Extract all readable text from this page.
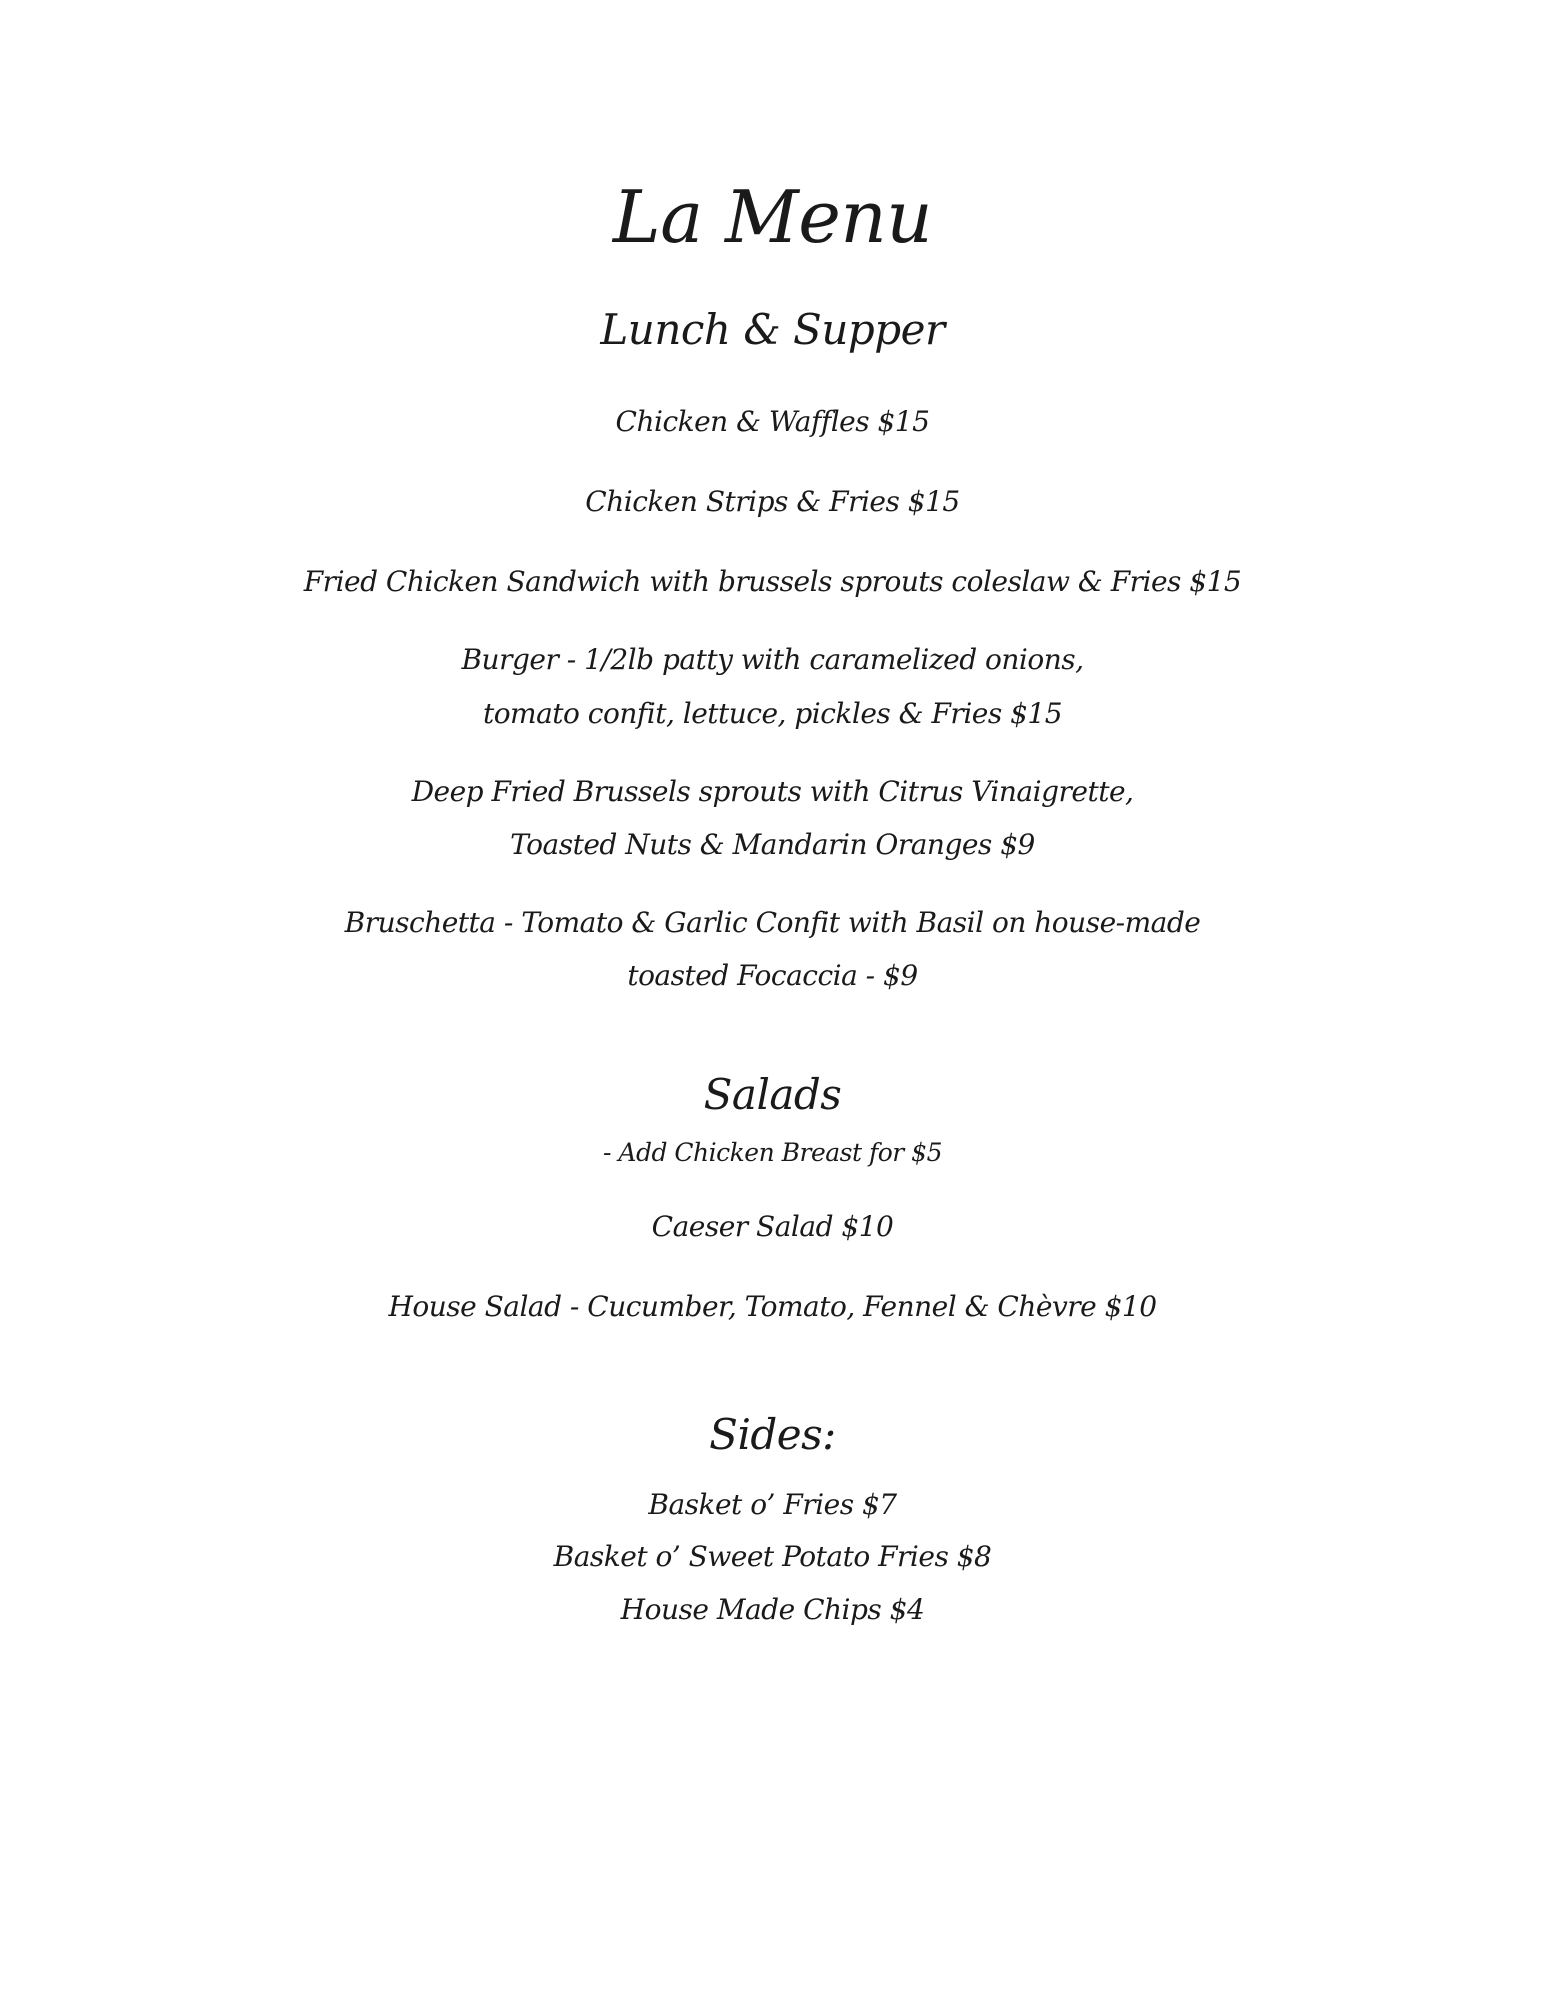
La Menu
Lunch & Supper
Chicken & Waffles $15
Chicken Strips & Fries $15
Fried Chicken Sandwich with brussels sprouts coleslaw & Fries $15
Burger - 1/2lb patty with caramelized onions,
tomato confit, lettuce, pickles & Fries $15
Deep Fried Brussels sprouts with Citrus Vinaigrette,
Toasted Nuts & Mandarin Oranges $9
Bruschetta - Tomato & Garlic Confit with Basil on house-made
toasted Focaccia - $9
Salads
- Add Chicken Breast for $5
Caeser Salad $10
House Salad - Cucumber, Tomato, Fennel & Chèvre $10
Sides:
Basket o’ Fries $7
Basket o’ Sweet Potato Fries $8
House Made Chips $4
